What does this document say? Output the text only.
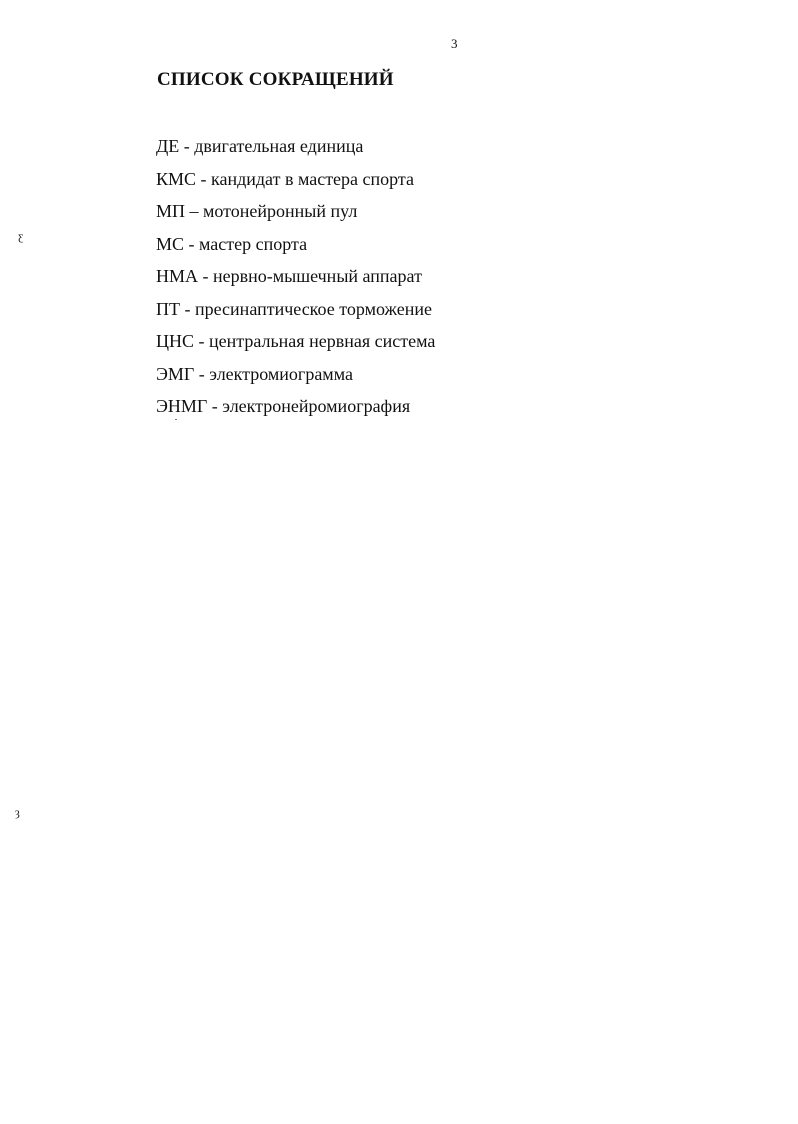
3
СПИСОК СОКРАЩЕНИЙ
ДЕ - двигательная единица
КМС - кандидат в мастера спорта
МП – мотонейронный пул
МС - мастер спорта
НМА - нервно-мышечный аппарат
ПТ - пресинаптическое торможение
ЦНС - центральная нервная система
ЭМГ - электромиограмма
ЭНМГ - электронейромиография
ƹ
ȝ
